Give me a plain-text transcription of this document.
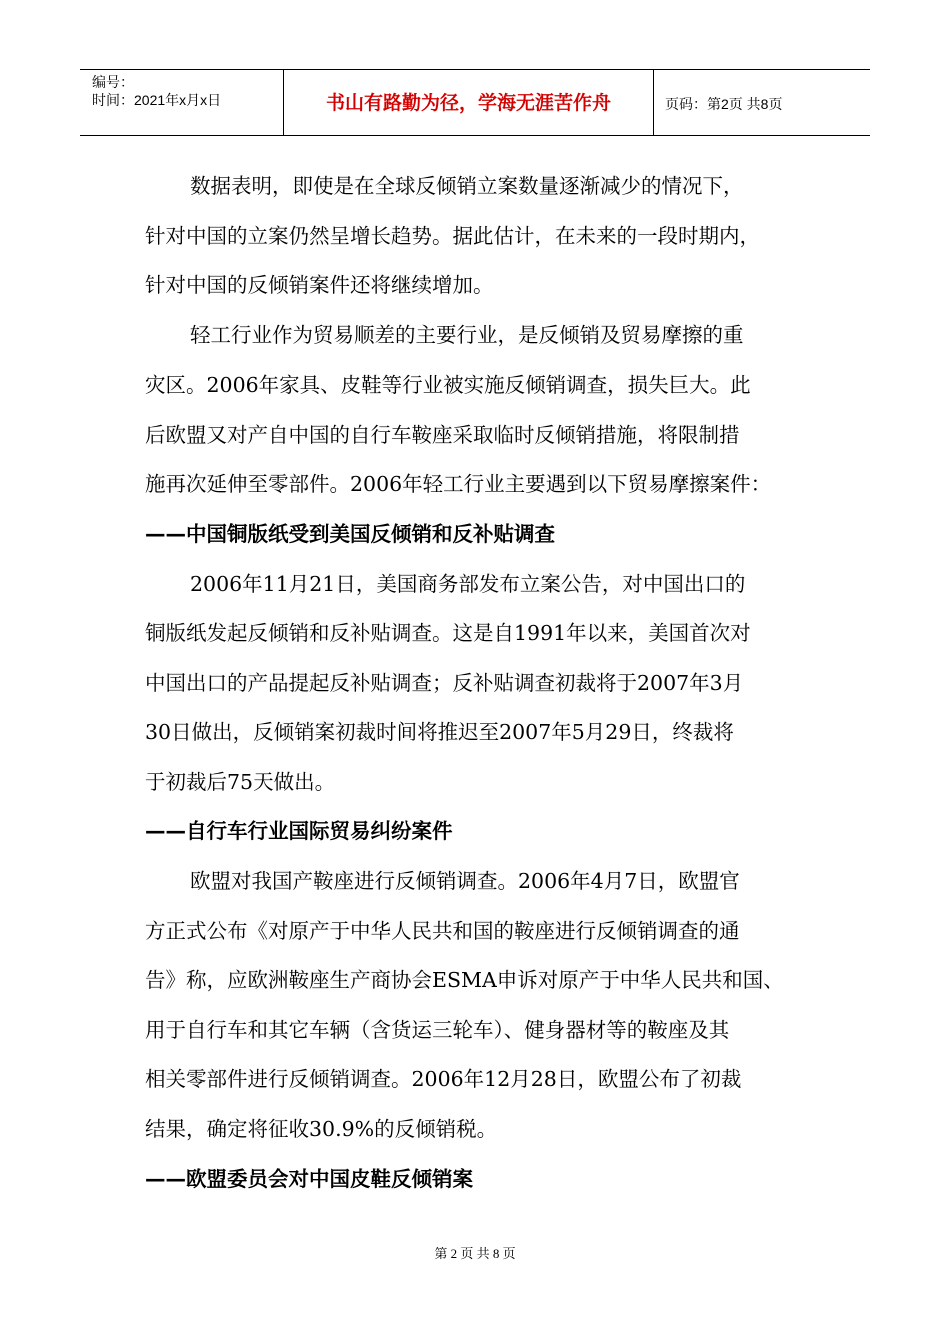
编号：
时间：2021年x月x日	书山有路勤为径，学海无涯苦作舟	页码：第2页 共8页
数据表明，即使是在全球反倾销立案数量逐渐减少的情况下，
针对中国的立案仍然呈增长趋势。据此估计，在未来的一段时期内，
针对中国的反倾销案件还将继续增加。
轻工行业作为贸易顺差的主要行业，是反倾销及贸易摩擦的重
灾区。2006年家具、皮鞋等行业被实施反倾销调查，损失巨大。此
后欧盟又对产自中国的自行车鞍座采取临时反倾销措施，将限制措
施再次延伸至零部件。2006年轻工行业主要遇到以下贸易摩擦案件：
——中国铜版纸受到美国反倾销和反补贴调查
2006年11月21日，美国商务部发布立案公告，对中国出口的
铜版纸发起反倾销和反补贴调查。这是自1991年以来，美国首次对
中国出口的产品提起反补贴调查；反补贴调查初裁将于2007年3月
30日做出，反倾销案初裁时间将推迟至2007年5月29日，终裁将
于初裁后75天做出。
——自行车行业国际贸易纠纷案件
欧盟对我国产鞍座进行反倾销调查。2006年4月7日，欧盟官
方正式公布《对原产于中华人民共和国的鞍座进行反倾销调查的通
告》称，应欧洲鞍座生产商协会ESMA申诉对原产于中华人民共和国、
用于自行车和其它车辆（含货运三轮车）、健身器材等的鞍座及其
相关零部件进行反倾销调查。2006年12月28日，欧盟公布了初裁
结果，确定将征收30.9%的反倾销税。
——欧盟委员会对中国皮鞋反倾销案
第 2 页 共 8 页
